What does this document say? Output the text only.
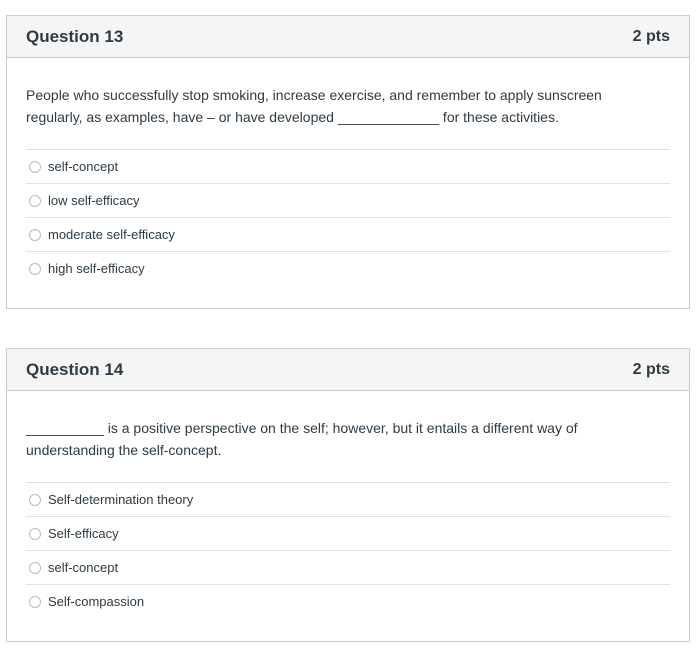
Question 13	2 pts
People who successfully stop smoking, increase exercise, and remember to apply sunscreen
regularly, as examples, have – or have developed _____________ for these activities.
self-concept
low self-efficacy
moderate self-efficacy
high self-efficacy
Question 14	2 pts
__________ is a positive perspective on the self; however, but it entails a different way of
understanding the self-concept.
Self-determination theory
Self-efficacy
self-concept
Self-compassion
